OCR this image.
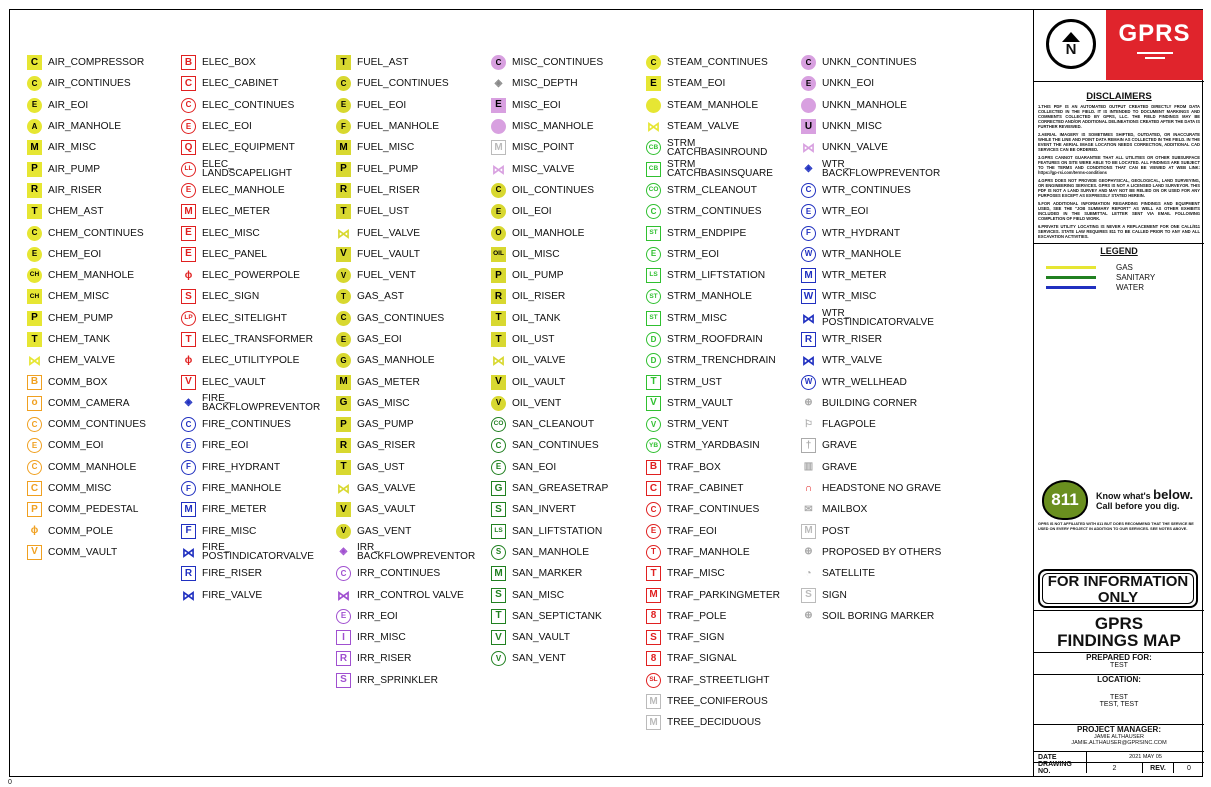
C AIR_COMPRESSOR
C AIR_CONTINUES
E AIR_EOI
A AIR_MANHOLE
M AIR_MISC
P AIR_PUMP
R AIR_RISER
T CHEM_AST
C CHEM_CONTINUES
E CHEM_EOI
CH CHEM_MANHOLE
CH CHEM_MISC
P CHEM_PUMP
T CHEM_TANK
⋈ CHEM_VALVE
B COMM_BOX
o COMM_CAMERA
C COMM_CONTINUES
E COMM_EOI
C COMM_MANHOLE
C COMM_MISC
P COMM_PEDESTAL
ϕ COMM_POLE
V COMM_VAULT
B ELEC_BOX
C ELEC_CABINET
C ELEC_CONTINUES
E ELEC_EOI
Q ELEC_EQUIPMENT
LL ELEC_
LANDSCAPELIGHT
E ELEC_MANHOLE
M ELEC_METER
E ELEC_MISC
E ELEC_PANEL
ϕ ELEC_POWERPOLE
S ELEC_SIGN
LP ELEC_SITELIGHT
T ELEC_TRANSFORMER
ϕ ELEC_UTILITYPOLE
V ELEC_VAULT
◈ FIRE_
BACKFLOWPREVENTOR
C FIRE_CONTINUES
E FIRE_EOI
F FIRE_HYDRANT
F FIRE_MANHOLE
M FIRE_METER
F FIRE_MISC
⋈ FIRE_
POSTINDICATORVALVE
R FIRE_RISER
⋈ FIRE_VALVE
T FUEL_AST
C FUEL_CONTINUES
E FUEL_EOI
F FUEL_MANHOLE
M FUEL_MISC
P FUEL_PUMP
R FUEL_RISER
T FUEL_UST
⋈ FUEL_VALVE
V FUEL_VAULT
V FUEL_VENT
T GAS_AST
C GAS_CONTINUES
E GAS_EOI
G GAS_MANHOLE
M GAS_METER
G GAS_MISC
P GAS_PUMP
R GAS_RISER
T GAS_UST
⋈ GAS_VALVE
V GAS_VAULT
V GAS_VENT
◈ IRR_
BACKFLOWPREVENTOR
C IRR_CONTINUES
⋈ IRR_CONTROL VALVE
E IRR_EOI
I IRR_MISC
R IRR_RISER
S IRR_SPRINKLER
C MISC_CONTINUES
◈ MISC_DEPTH
E MISC_EOI
MISC_MANHOLE
M MISC_POINT
⋈ MISC_VALVE
C OIL_CONTINUES
E OIL_EOI
O OIL_MANHOLE
OIL OIL_MISC
P OIL_PUMP
R OIL_RISER
T OIL_TANK
T OIL_UST
⋈ OIL_VALVE
V OIL_VAULT
V OIL_VENT
CO SAN_CLEANOUT
C SAN_CONTINUES
E SAN_EOI
G SAN_GREASETRAP
S SAN_INVERT
LS SAN_LIFTSTATION
S SAN_MANHOLE
M SAN_MARKER
S SAN_MISC
T SAN_SEPTICTANK
V SAN_VAULT
V SAN_VENT
C STEAM_CONTINUES
E STEAM_EOI
STEAM_MANHOLE
⋈ STEAM_VALVE
CB STRM_
CATCHBASINROUND
CB STRM_
CATCHBASINSQUARE
CO STRM_CLEANOUT
C STRM_CONTINUES
ST STRM_ENDPIPE
E STRM_EOI
LS STRM_LIFTSTATION
ST STRM_MANHOLE
ST STRM_MISC
D STRM_ROOFDRAIN
D STRM_TRENCHDRAIN
T STRM_UST
V STRM_VAULT
V STRM_VENT
YB STRM_YARDBASIN
B TRAF_BOX
C TRAF_CABINET
C TRAF_CONTINUES
E TRAF_EOI
T TRAF_MANHOLE
T TRAF_MISC
M TRAF_PARKINGMETER
8 TRAF_POLE
S TRAF_SIGN
8 TRAF_SIGNAL
SL TRAF_STREETLIGHT
M TREE_CONIFEROUS
M TREE_DECIDUOUS
C UNKN_CONTINUES
E UNKN_EOI
UNKN_MANHOLE
U UNKN_MISC
⋈ UNKN_VALVE
◈ WTR_
BACKFLOWPREVENTOR
C WTR_CONTINUES
E WTR_EOI
F WTR_HYDRANT
W WTR_MANHOLE
M WTR_METER
W WTR_MISC
⋈ WTR_
POSTINDICATORVALVE
R WTR_RISER
⋈ WTR_VALVE
W WTR_WELLHEAD
⊕ BUILDING CORNER
⚐ FLAGPOLE
† GRAVE
▥ GRAVE
∩ HEADSTONE NO GRAVE
✉ MAILBOX
M POST
⊕ PROPOSED BY OTHERS
◔ SATELLITE
S SIGN
⊕ SOIL BORING MARKER
N
GPRS
DISCLAIMERS

1.THIS PDF IS AN AUTOMATED OUTPUT CREATED DIRECTLY FROM DATA COLLECTED IN THE FIELD. IT IS INTENDED TO DOCUMENT MARKINGS AND COMMENTS COLLECTED BY GPRS, LLC. THE FIELD FINDINGS MAY BE CORRECTED AND/OR ADDITIONAL DELINEATIONS CREATED AFTER THE DATA IS FURTHER REVIEWED.

2.AERIAL IMAGERY IS SOMETIMES SHIFTED, OUTDATED, OR INACCURATE WHILE THE LINE AND POINT DATA REMAIN AS COLLECTED IN THE FIELD. IN THE EVENT THE AERIAL IMAGE LOCATION NEEDS CORRECTION, ADDITIONAL CAD SERVICES CAN BE ORDERED.

3.GPRS CANNOT GUARANTEE THAT ALL UTILITIES OR OTHER SUBSURFACE FEATURES ON SITE WERE ABLE TO BE LOCATED. ALL FINDINGS ARE SUBJECT TO THE TERMS AND CONDITIONS THAT CAN BE VIEWED AT WEB LINK: https://gp-rsi.com/terms-conditions

4.GPRS DOES NOT PROVIDE GEOPHYSICAL, GEOLOGICAL, LAND SURVEYING, OR ENGINEERING SERVICES. GPRS IS NOT A LICENSED LAND SURVEYOR. THIS PDF IS NOT A LAND SURVEY AND MAY NOT BE RELIED ON OR USED FOR ANY PURPOSES EXCEPT AS EXPRESSLY STATED HEREIN.

5.FOR ADDITIONAL INFORMATION REGARDING FINDINGS AND EQUIPMENT USED, SEE THE "JOB SUMMARY REPORT" AS WELL AS OTHER EXHIBITS INCLUDED IN THE SUBMITTAL LETTER SENT VIA EMAIL FOLLOWING COMPLETION OF FIELD WORK.

6.PRIVATE UTILITY LOCATING IS NEVER A REPLACEMENT FOR ONE CALL/811 SERVICES. STATE LAW REQUIRES 811 TO BE CALLED PRIOR TO ANY AND ALL EXCAVATION ACTIVITIES.

LEGEND
GAS
SANITARY
WATER
811	Know what's below.
Call before you dig.
GPRS IS NOT AFFILIATED WITH 811 BUT DOES RECOMMEND THAT THE SERVICE BE USED ON EVERY PROJECT IN ADDITION TO OUR SERVICES. SEE NOTES ABOVE.
FOR INFORMATION
ONLY
GPRS
FINDINGS MAP
PREPARED FOR:
TEST
LOCATION:
TEST
TEST, TEST
PROJECT MANAGER:
JAMIE ALTHAUSER
JAMIE.ALTHAUSER@GPRSINC.COM
DATE	2021 MAY 05
DRAWING NO.	2	REV.	0
0
